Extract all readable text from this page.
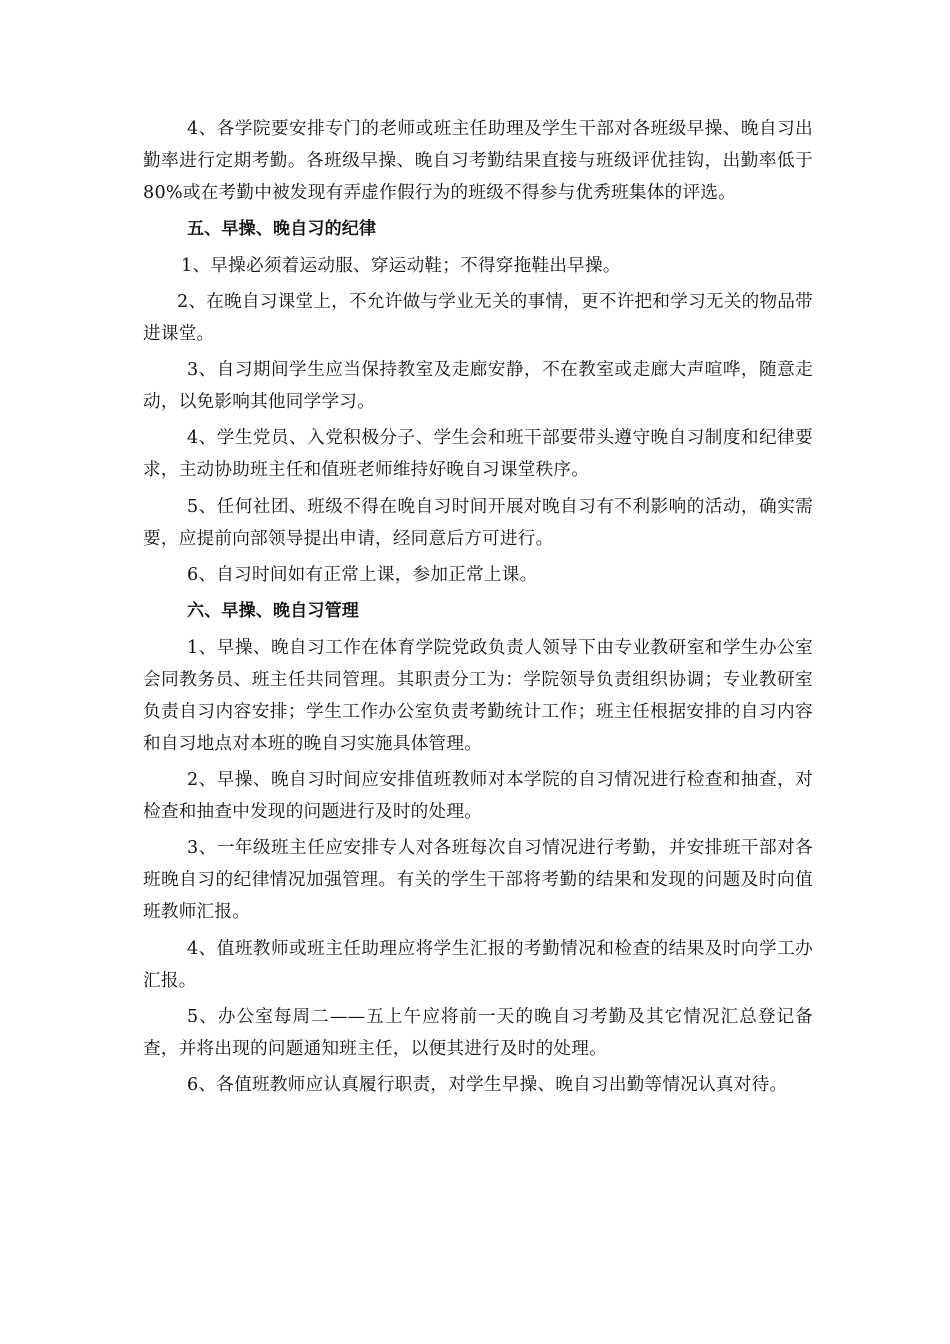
4、各学院要安排专门的老师或班主任助理及学生干部对各班级早操、晚自习出勤率进行定期考勤。各班级早操、晚自习考勤结果直接与班级评优挂钩，出勤率低于80%或在考勤中被发现有弄虚作假行为的班级不得参与优秀班集体的评选。

五、早操、晚自习的纪律

1、早操必须着运动服、穿运动鞋；不得穿拖鞋出早操。

2、在晚自习课堂上，不允许做与学业无关的事情，更不许把和学习无关的物品带进课堂。

3、自习期间学生应当保持教室及走廊安静，不在教室或走廊大声喧哗，随意走动，以免影响其他同学学习。

4、学生党员、入党积极分子、学生会和班干部要带头遵守晚自习制度和纪律要求，主动协助班主任和值班老师维持好晚自习课堂秩序。

5、任何社团、班级不得在晚自习时间开展对晚自习有不利影响的活动，确实需要，应提前向部领导提出申请，经同意后方可进行。

6、自习时间如有正常上课，参加正常上课。

六、早操、晚自习管理

1、早操、晚自习工作在体育学院党政负责人领导下由专业教研室和学生办公室会同教务员、班主任共同管理。其职责分工为：学院领导负责组织协调；专业教研室负责自习内容安排；学生工作办公室负责考勤统计工作；班主任根据安排的自习内容和自习地点对本班的晚自习实施具体管理。

2、早操、晚自习时间应安排值班教师对本学院的自习情况进行检查和抽查，对检查和抽查中发现的问题进行及时的处理。

3、一年级班主任应安排专人对各班每次自习情况进行考勤，并安排班干部对各班晚自习的纪律情况加强管理。有关的学生干部将考勤的结果和发现的问题及时向值班教师汇报。

4、值班教师或班主任助理应将学生汇报的考勤情况和检查的结果及时向学工办汇报。

5、办公室每周二——五上午应将前一天的晚自习考勤及其它情况汇总登记备查，并将出现的问题通知班主任，以便其进行及时的处理。

6、各值班教师应认真履行职责，对学生早操、晚自习出勤等情况认真对待。
